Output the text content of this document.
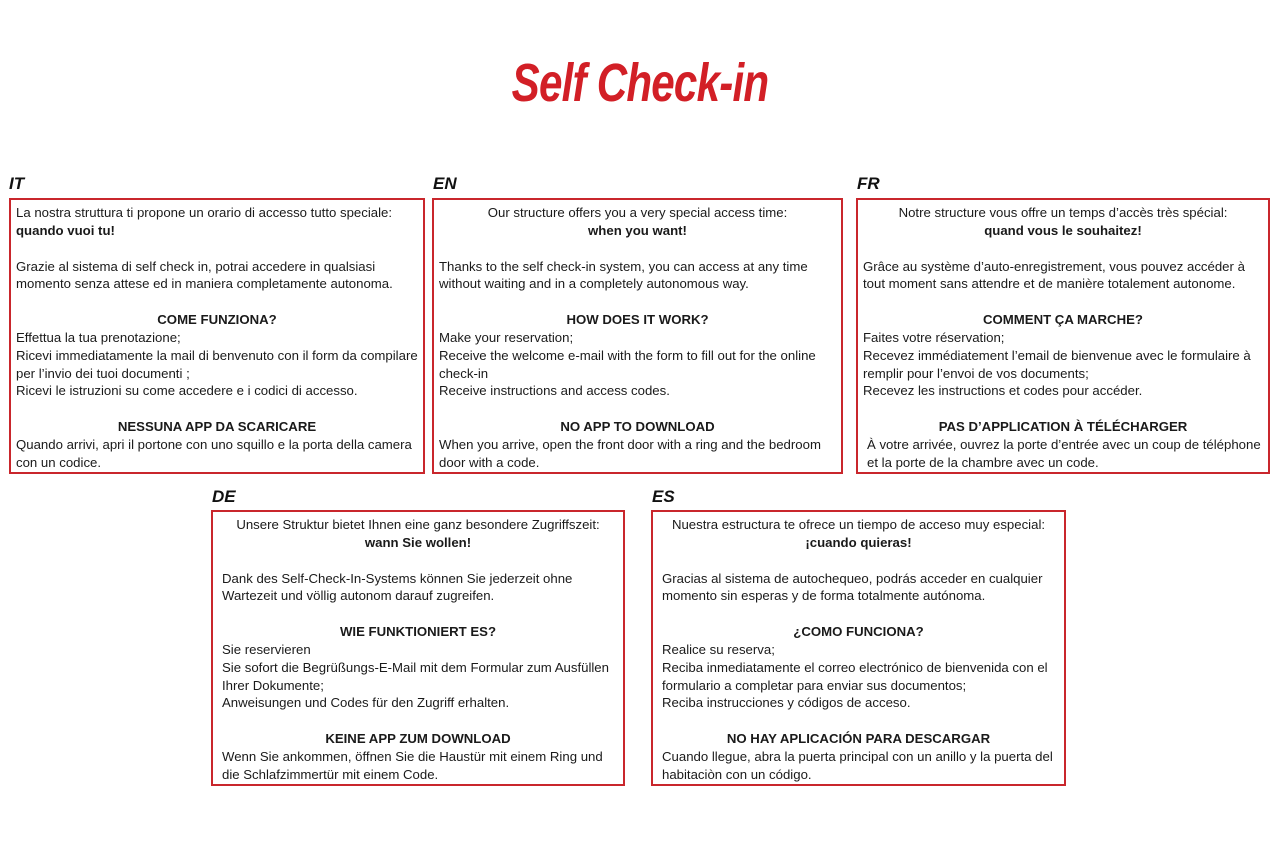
Self Check-in
IT

La nostra struttura ti propone un orario di accesso tutto speciale:

quando vuoi tu!

Grazie al sistema di self check in, potrai accedere in qualsiasi momento senza attese ed in maniera completamente autonoma.

COME FUNZIONA?

Effettua la tua prenotazione;

Ricevi immediatamente la mail di benvenuto con il form da compilare per l’invio dei tuoi documenti ;

Ricevi le istruzioni su come accedere e i codici di accesso.

NESSUNA APP DA SCARICARE

Quando arrivi, apri il portone con uno squillo e la porta della camera con un codice.

EN

Our structure offers you a very special access time:

when you want!

Thanks to the self check-in system, you can access at any time without waiting and in a completely autonomous way.

HOW DOES IT WORK?

Make your reservation;

Receive the welcome e-mail with the form to fill out for the online check-in

Receive instructions and access codes.

NO APP TO DOWNLOAD

When you arrive, open the front door with a ring and the bedroom door with a code.

FR

Notre structure vous offre un temps d’accès très spécial:

quand vous le souhaitez!

Grâce au système d’auto-enregistrement, vous pouvez accéder à tout moment sans attendre et de manière totalement autonome.

COMMENT ÇA MARCHE?

Faites votre réservation;

Recevez immédiatement l’email de bienvenue avec le formulaire à remplir pour l’envoi de vos documents;

Recevez les instructions et codes pour accéder.

PAS D’APPLICATION À TÉLÉCHARGER

À votre arrivée, ouvrez la porte d’entrée avec un coup de téléphone et la porte de la chambre avec un code.

DE

Unsere Struktur bietet Ihnen eine ganz besondere Zugriffszeit:

wann Sie wollen!

Dank des Self-Check-In-Systems können Sie jederzeit ohne Wartezeit und völlig autonom darauf zugreifen.

WIE FUNKTIONIERT ES?

Sie reservieren

Sie sofort die Begrüßungs-E-Mail mit dem Formular zum Ausfüllen Ihrer Dokumente;

Anweisungen und Codes für den Zugriff erhalten.

KEINE APP ZUM DOWNLOAD

Wenn Sie ankommen, öffnen Sie die Haustür mit einem Ring und die Schlafzimmertür mit einem Code.

ES

Nuestra estructura te ofrece un tiempo de acceso muy especial:

¡cuando quieras!

Gracias al sistema de autochequeo, podrás acceder en cualquier momento sin esperas y de forma totalmente autónoma.

¿COMO FUNCIONA?

Realice su reserva;

Reciba inmediatamente el correo electrónico de bienvenida con el formulario a completar para enviar sus documentos;

Reciba instrucciones y códigos de acceso.

NO HAY APLICACIÓN PARA DESCARGAR

Cuando llegue, abra la puerta principal con un anillo y la puerta del habitaciòn con un código.
